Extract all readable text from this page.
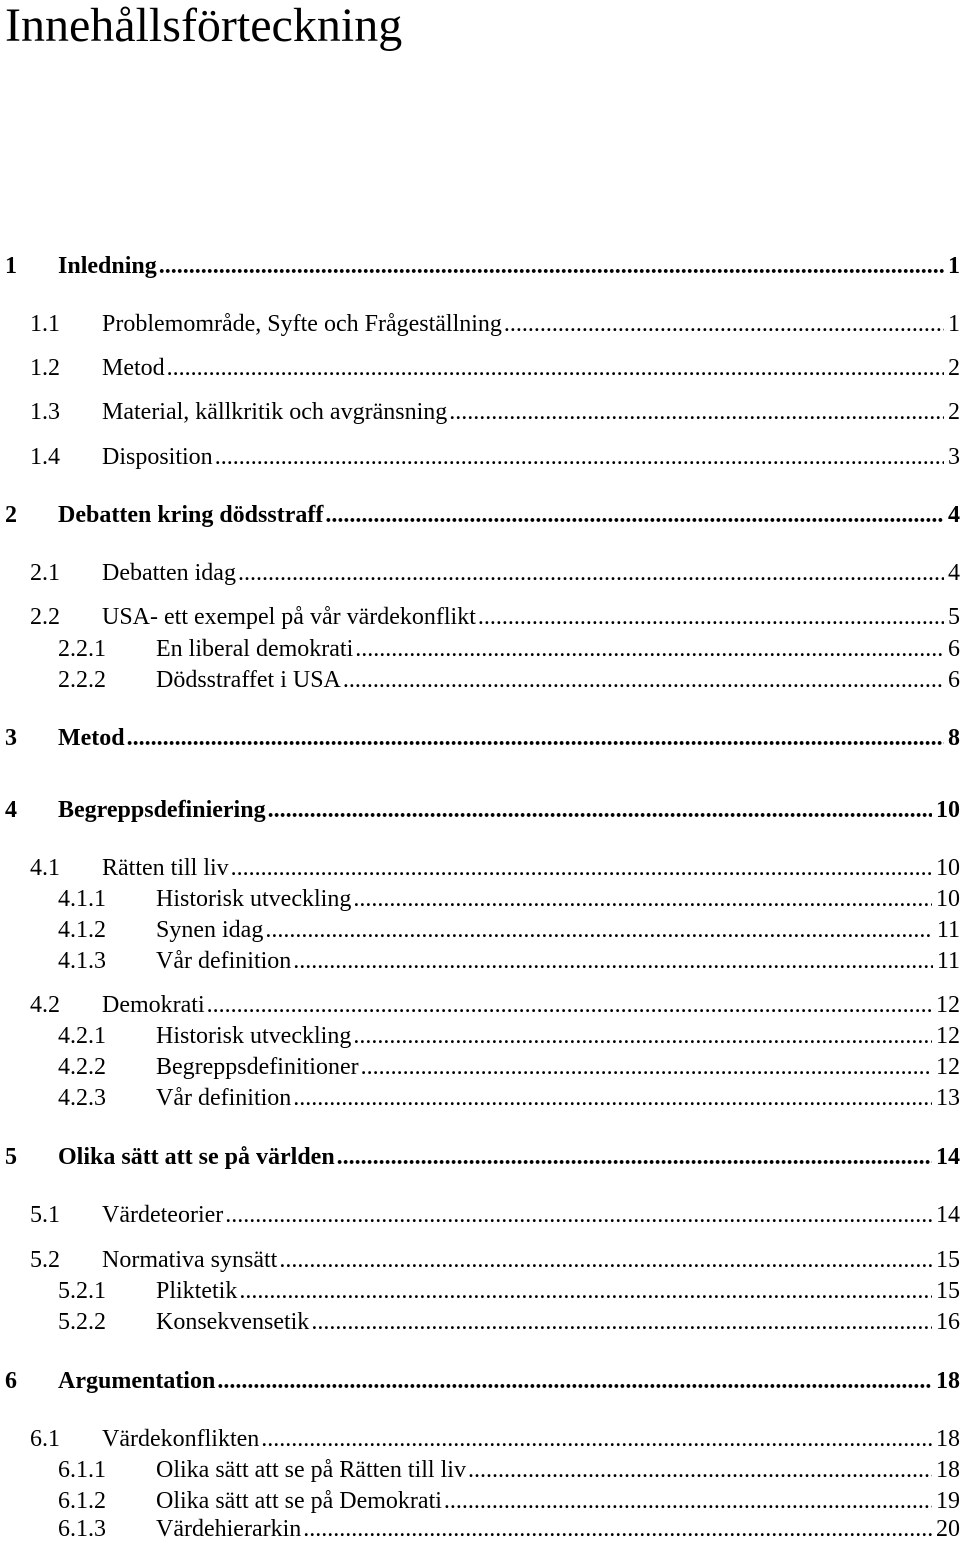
Innehållsförteckning
1	Inledning .....	1
1.1	Problemområde, Syfte och Frågeställning .....	1
1.2	Metod .....	2
1.3	Material, källkritik och avgränsning .....	2
1.4	Disposition .....	3
2	Debatten kring dödsstraff .....	4
2.1	Debatten idag .....	4
2.2	USA- ett exempel på vår värdekonflikt .....	5
2.2.1	En liberal demokrati .....	6
2.2.2	Dödsstraffet i USA .....	6
3	Metod .....	8
4	Begreppsdefiniering .....	10
4.1	Rätten till liv .....	10
4.1.1	Historisk utveckling .....	10
4.1.2	Synen idag .....	11
4.1.3	Vår definition .....	11
4.2	Demokrati .....	12
4.2.1	Historisk utveckling .....	12
4.2.2	Begreppsdefinitioner .....	12
4.2.3	Vår definition .....	13
5	Olika sätt att se på världen .....	14
5.1	Värdeteorier .....	14
5.2	Normativa synsätt .....	15
5.2.1	Pliktetik .....	15
5.2.2	Konsekvensetik .....	16
6	Argumentation .....	18
6.1	Värdekonflikten .....	18
6.1.1	Olika sätt att se på Rätten till liv .....	18
6.1.2	Olika sätt att se på Demokrati .....	19
6.1.3	Värdehierarkin .....	20
